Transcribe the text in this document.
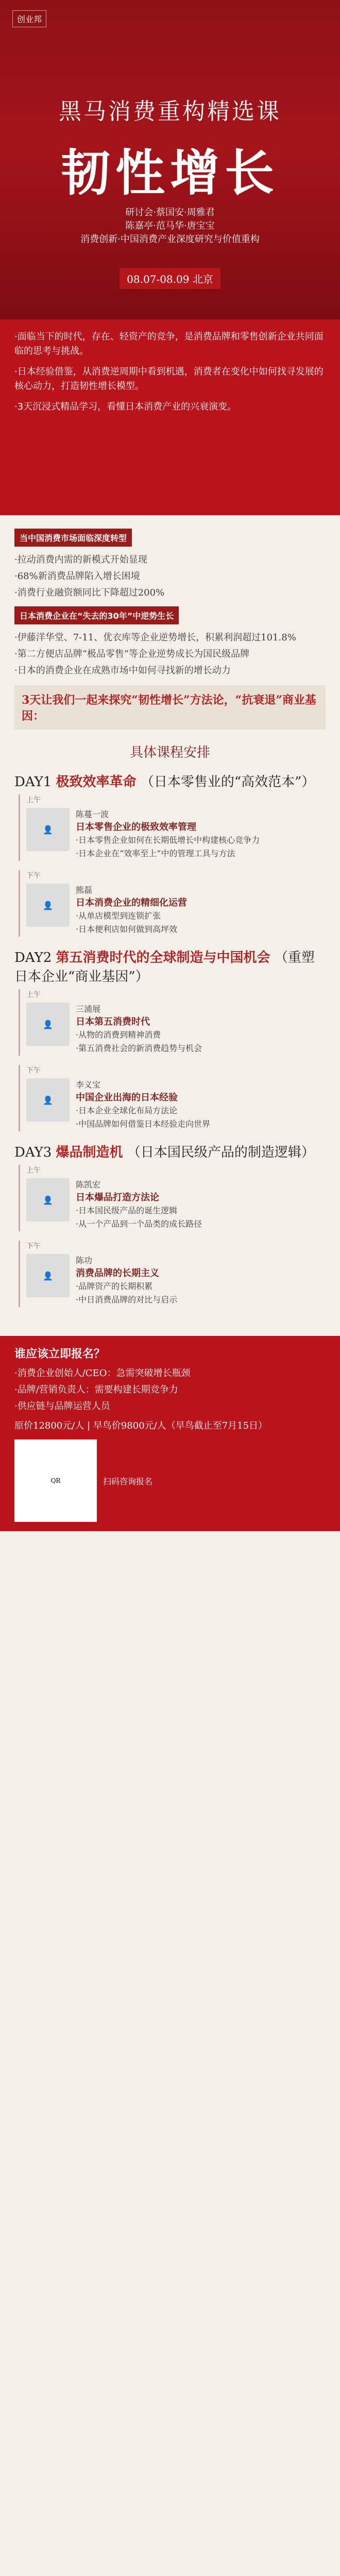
创业邦
黑马消费重构精选课
韧性增长
研讨会·蔡国安·周雅君
陈嘉亭·范马华·唐宝宝
消费创新·中国消费产业深度研究与价值重构
08.07-08.09 北京

·面临当下的时代，存在、轻资产的竞争，是消费品牌和零售创新企业共同面临的思考与挑战。

·日本经验借鉴，从消费逆周期中看到机遇，消费者在变化中如何找寻发展的核心动力，打造韧性增长模型。

·3天沉浸式精品学习，看懂日本消费产业的兴衰演变。

当中国消费市场面临深度转型
·拉动消费内需的新模式开始显现
·68%新消费品牌陷入增长困境
·消费行业融资额同比下降超过200%
日本消费企业在“失去的30年”中逆势生长
·伊藤洋华堂、7-11、优衣库等企业逆势增长，积累利润超过101.8%
·第二方便店品牌“极品零售”等企业逆势成长为国民级品牌
·日本的消费企业在成熟市场中如何寻找新的增长动力
3天让我们一起来探究“韧性增长”方法论，“抗衰退”商业基因：
具体课程安排
DAY1 极致效率革命 （日本零售业的“高效范本”）
上午
👤
陈蔓一波
日本零售企业的极致效率管理
·日本零售企业如何在长期低增长中构建核心竞争力
·日本企业在“效率至上”中的管理工具与方法
下午
👤
熊磊
日本消费企业的精细化运营
·从单店模型到连锁扩张
·日本便利店如何做到高坪效
DAY2 第五消费时代的全球制造与中国机会 （重塑日本企业“商业基因”）
上午
👤
三浦展
日本第五消费时代
·从物的消费到精神消费
·第五消费社会的新消费趋势与机会
下午
👤
李义宝
中国企业出海的日本经验
·日本企业全球化布局方法论
·中国品牌如何借鉴日本经验走向世界
DAY3 爆品制造机 （日本国民级产品的制造逻辑）
上午
👤
陈凯宏
日本爆品打造方法论
·日本国民级产品的诞生逻辑
·从一个产品到一个品类的成长路径
下午
👤
陈功
消费品牌的长期主义
·品牌资产的长期积累
·中日消费品牌的对比与启示
谁应该立即报名？
·消费企业创始人/CEO：急需突破增长瓶颈
·品牌/营销负责人：需要构建长期竞争力
·供应链与品牌运营人员
原价12800元/人 | 早鸟价9800元/人（早鸟截止至7月15日）
QR	扫码咨询报名
